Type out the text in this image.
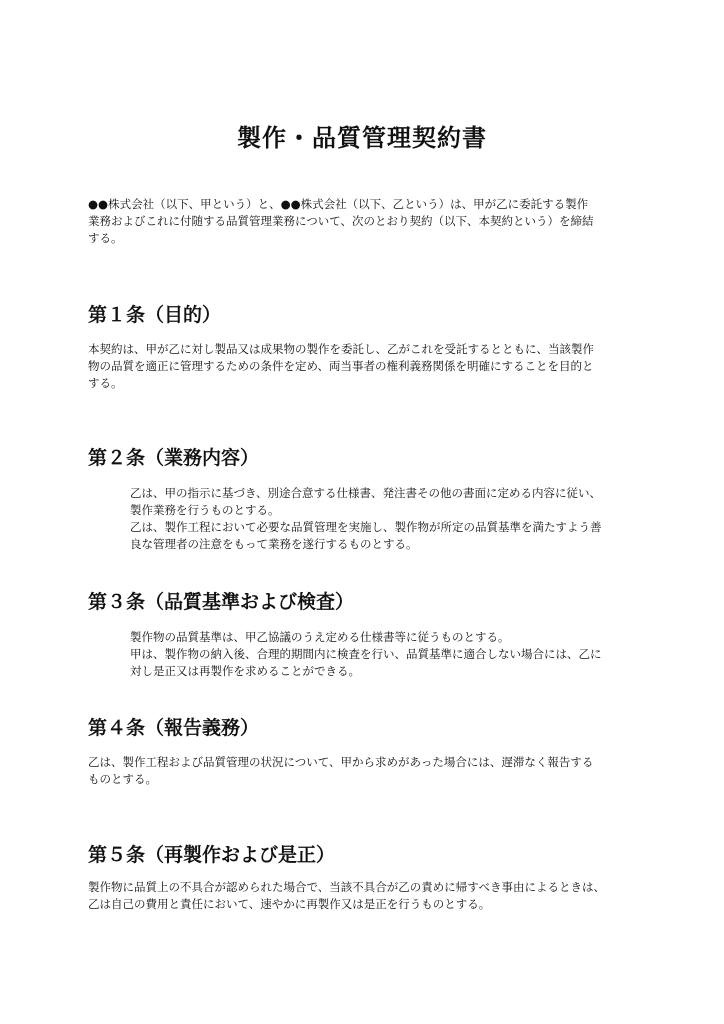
製作・品質管理契約書
●●株式会社（以下、甲という）と、●●株式会社（以下、乙という）は、甲が乙に委託する製作
業務およびこれに付随する品質管理業務について、次のとおり契約（以下、本契約という）を締結
する。
第１条（目的）
本契約は、甲が乙に対し製品又は成果物の製作を委託し、乙がこれを受託するとともに、当該製作
物の品質を適正に管理するための条件を定め、両当事者の権利義務関係を明確にすることを目的と
する。
第２条（業務内容）
乙は、甲の指示に基づき、別途合意する仕様書、発注書その他の書面に定める内容に従い、
製作業務を行うものとする。
乙は、製作工程において必要な品質管理を実施し、製作物が所定の品質基準を満たすよう善
良な管理者の注意をもって業務を遂行するものとする。
第３条（品質基準および検査）
製作物の品質基準は、甲乙協議のうえ定める仕様書等に従うものとする。
甲は、製作物の納入後、合理的期間内に検査を行い、品質基準に適合しない場合には、乙に
対し是正又は再製作を求めることができる。
第４条（報告義務）
乙は、製作工程および品質管理の状況について、甲から求めがあった場合には、遅滞なく報告する
ものとする。
第５条（再製作および是正）
製作物に品質上の不具合が認められた場合で、当該不具合が乙の責めに帰すべき事由によるときは、
乙は自己の費用と責任において、速やかに再製作又は是正を行うものとする。
